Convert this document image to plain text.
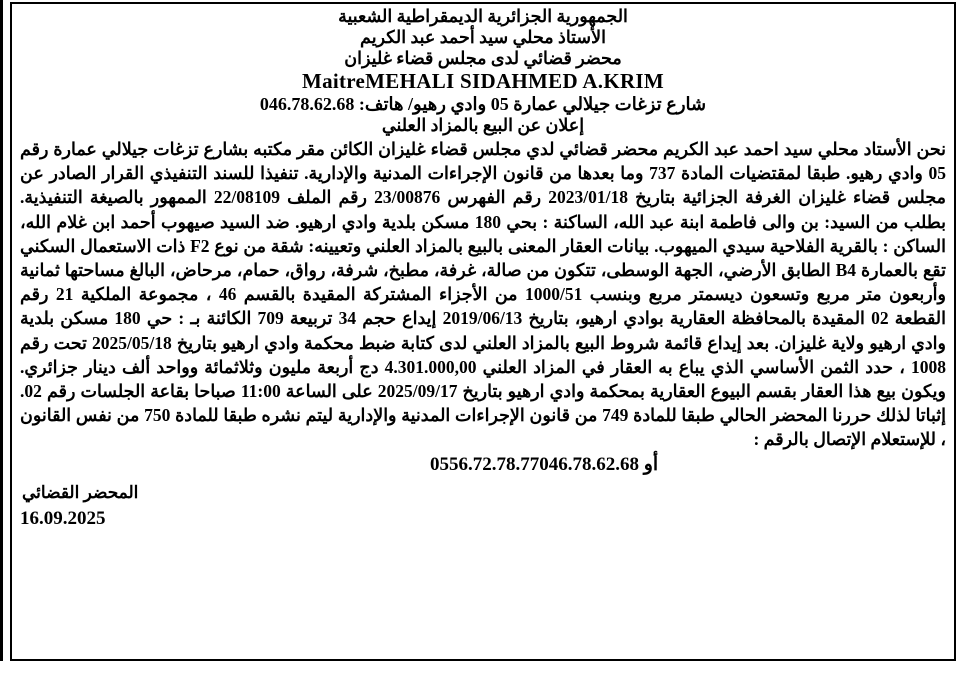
الجمهورية الجزائرية الديمقراطية الشعبية
الأستاذ محلي سيد أحمد عبد الكريم
محضر قضائي لدى مجلس قضاء غليزان
MaitreMEHALI SIDAHMED A.KRIM
شارع تزغات جيلالي عمارة 05 وادي رهيو/ هاتف: 046.78.62.68
إعلان عن البيع بالمزاد العلني
نحن الأستاد محلي سيد احمد عبد الكريم محضر قضائي لدي مجلس قضاء غليزان الكائن مقر مكتبه بشارع تزغات جيلالي عمارة رقم 05 وادي رهيو. طبقا لمقتضيات المادة 737 وما بعدها من قانون الإجراءات المدنية والإدارية. تنفيذا للسند التنفيذي القرار الصادر عن مجلس قضاء غليزان الغرفة الجزائية بتاريخ 2023/01/18 رقم الفهرس 23/00876 رقم الملف 22/08109 الممهور بالصيغة التنفيذية. بطلب من السيد: بن والى فاطمة ابنة عبد الله، الساكنة : بحي 180 مسكن بلدية وادي ارهيو. ضد السيد صيهوب أحمد ابن غلام الله، الساكن : بالقرية الفلاحية سيدي الميهوب. بيانات العقار المعنى بالبيع بالمزاد العلني وتعيينه: شقة من نوع F2 ذات الاستعمال السكني تقع بالعمارة B4 الطابق الأرضي، الجهة الوسطى، تتكون من صالة، غرفة، مطبخ، شرفة، رواق، حمام، مرحاض، البالغ مساحتها ثمانية وأربعون متر مربع وتسعون ديسمتر مربع وبنسب 1000/51 من الأجزاء المشتركة المقيدة بالقسم 46 ، مجموعة الملكية 21 رقم القطعة 02 المقيدة بالمحافظة العقارية بوادي ارهيو، بتاريخ 2019/06/13 إيداع حجم 34 تربيعة 709 الكائنة بـ : حي 180 مسكن بلدية وادي ارهيو ولاية غليزان. بعد إيداع قائمة شروط البيع بالمزاد العلني لدى كتابة ضبط محكمة وادي ارهيو بتاريخ 2025/05/18 تحت رقم 1008 ، حدد الثمن الأساسي الذي يباع به العقار في المزاد العلني 4.301.000,00 دج أربعة مليون وثلاثمائة وواحد ألف دينار جزائري. ويكون بيع هذا العقار بقسم البيوع العقارية بمحكمة وادي ارهيو بتاريخ 2025/09/17 على الساعة 11:00 صباحا بقاعة الجلسات رقم 02. إثباتا لذلك حررنا المحضر الحالي طبقا للمادة 749 من قانون الإجراءات المدنية والإدارية ليتم نشره طبقا للمادة 750 من نفس القانون ، للإستعلام الإتصال بالرقم :
0556.72.78.77أو 046.78.62.68
المحضر القضائي
16.09.2025
